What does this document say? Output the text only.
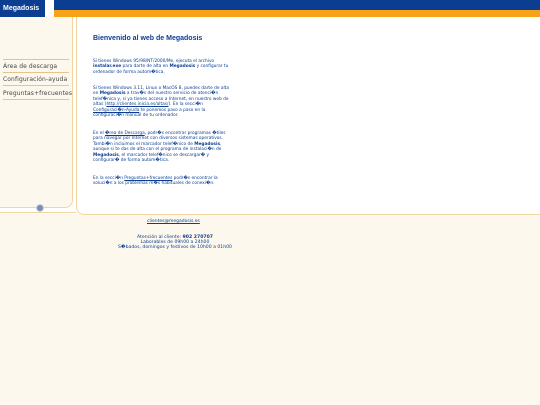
Megadosis
Área de descarga
Configuración-ayuda
Preguntas+frecuentes
Bienvenido al web de Megadosis
Si tienes Windows 95/98/NT/2000/Me, ejecuta el archivo instalar.exe para darte de alta en Megadosis y configurar tu ordenador de forma autom�tica.
Si tienes Windows 3.11, Linux o MacOS 8, puedes darte de alta en Megadosis a trav�s del nuestro servicio de atenci�n telef�nica y, si ya tienes acceso a Internet, en nuestro web de altas (http://clientes.inicia.es/altas/). En la secci�n Configuraci�n-Ayuda te ponemos paso a paso en la configuraci�n manual de tu ordenador.
En el �rea de Descarga, podr�s encontrar programas �tiles para navegar por Internet con diversos sistemas operativos. Tambi�n incluimos el marcador telef�nico de Megadosis, aunque si te das de alta con el programa de instalaci�n de Megadosis, el marcador telef�nico se descargar� y configurar� de forma autom�tica.
En la secci�n Preguntas+frecuentes podr�s encontrar la soluci�n a los problemas m�s habituales de conexi�n.
clientes@megadosis.es
Atención al cliente: 902 270707
Laborables de 09h00 a 24h00
S�bados, domingos y festivos de 10h00 a 01h00
